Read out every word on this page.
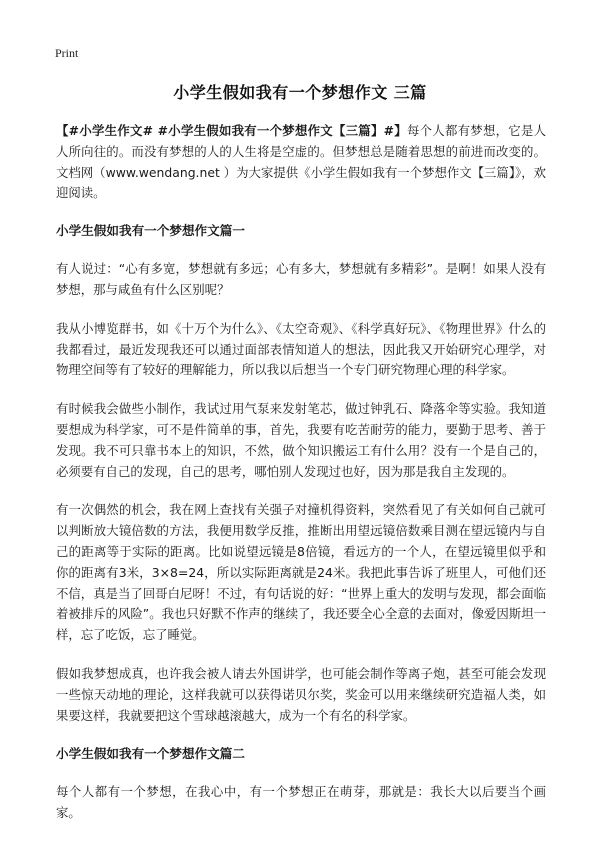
Print
小学生假如我有一个梦想作文 三篇

【#小学生作文# #小学生假如我有一个梦想作文【三篇】#】每个人都有梦想，它是人人所向往的。而没有梦想的人的人生将是空虚的。但梦想总是随着思想的前进而改变的。文档网（www.wendang.net ）为大家提供《小学生假如我有一个梦想作文【三篇】》，欢迎阅读。

小学生假如我有一个梦想作文篇一

有人说过：“心有多宽，梦想就有多远；心有多大，梦想就有多精彩”。是啊！如果人没有梦想，那与咸鱼有什么区别呢？

我从小博览群书，如《十万个为什么》、《太空奇观》、《科学真好玩》、《物理世界》什么的我都看过，最近发现我还可以通过面部表情知道人的想法，因此我又开始研究心理学，对物理空间等有了较好的理解能力，所以我以后想当一个专门研究物理心理的科学家。

有时候我会做些小制作，我试过用气泵来发射笔芯，做过钟乳石、降落伞等实验。我知道要想成为科学家，可不是件简单的事，首先，我要有吃苦耐劳的能力，要勤于思考、善于发现。我不可只靠书本上的知识，不然，做个知识搬运工有什么用？没有一个是自己的，必须要有自己的发现，自己的思考，哪怕别人发现过也好，因为那是我自主发现的。

有一次偶然的机会，我在网上查找有关强子对撞机得资料，突然看见了有关如何自己就可以判断放大镜倍数的方法，我便用数学反推，推断出用望远镜倍数乘目测在望远镜内与自己的距离等于实际的距离。比如说望远镜是8倍镜，看远方的一个人，在望远镜里似乎和你的距离有3米，3×8=24，所以实际距离就是24米。我把此事告诉了班里人，可他们还不信，真是当了回哥白尼呀！不过，有句话说的好：“世界上重大的发明与发现，都会面临着被排斥的风险”。我也只好默不作声的继续了，我还要全心全意的去面对，像爱因斯坦一样，忘了吃饭，忘了睡觉。

假如我梦想成真，也许我会被人请去外国讲学，也可能会制作等离子炮，甚至可能会发现一些惊天动地的理论，这样我就可以获得诺贝尔奖，奖金可以用来继续研究造福人类，如果要这样，我就要把这个雪球越滚越大，成为一个有名的科学家。

小学生假如我有一个梦想作文篇二

每个人都有一个梦想，在我心中，有一个梦想正在萌芽，那就是：我长大以后要当个画家。
